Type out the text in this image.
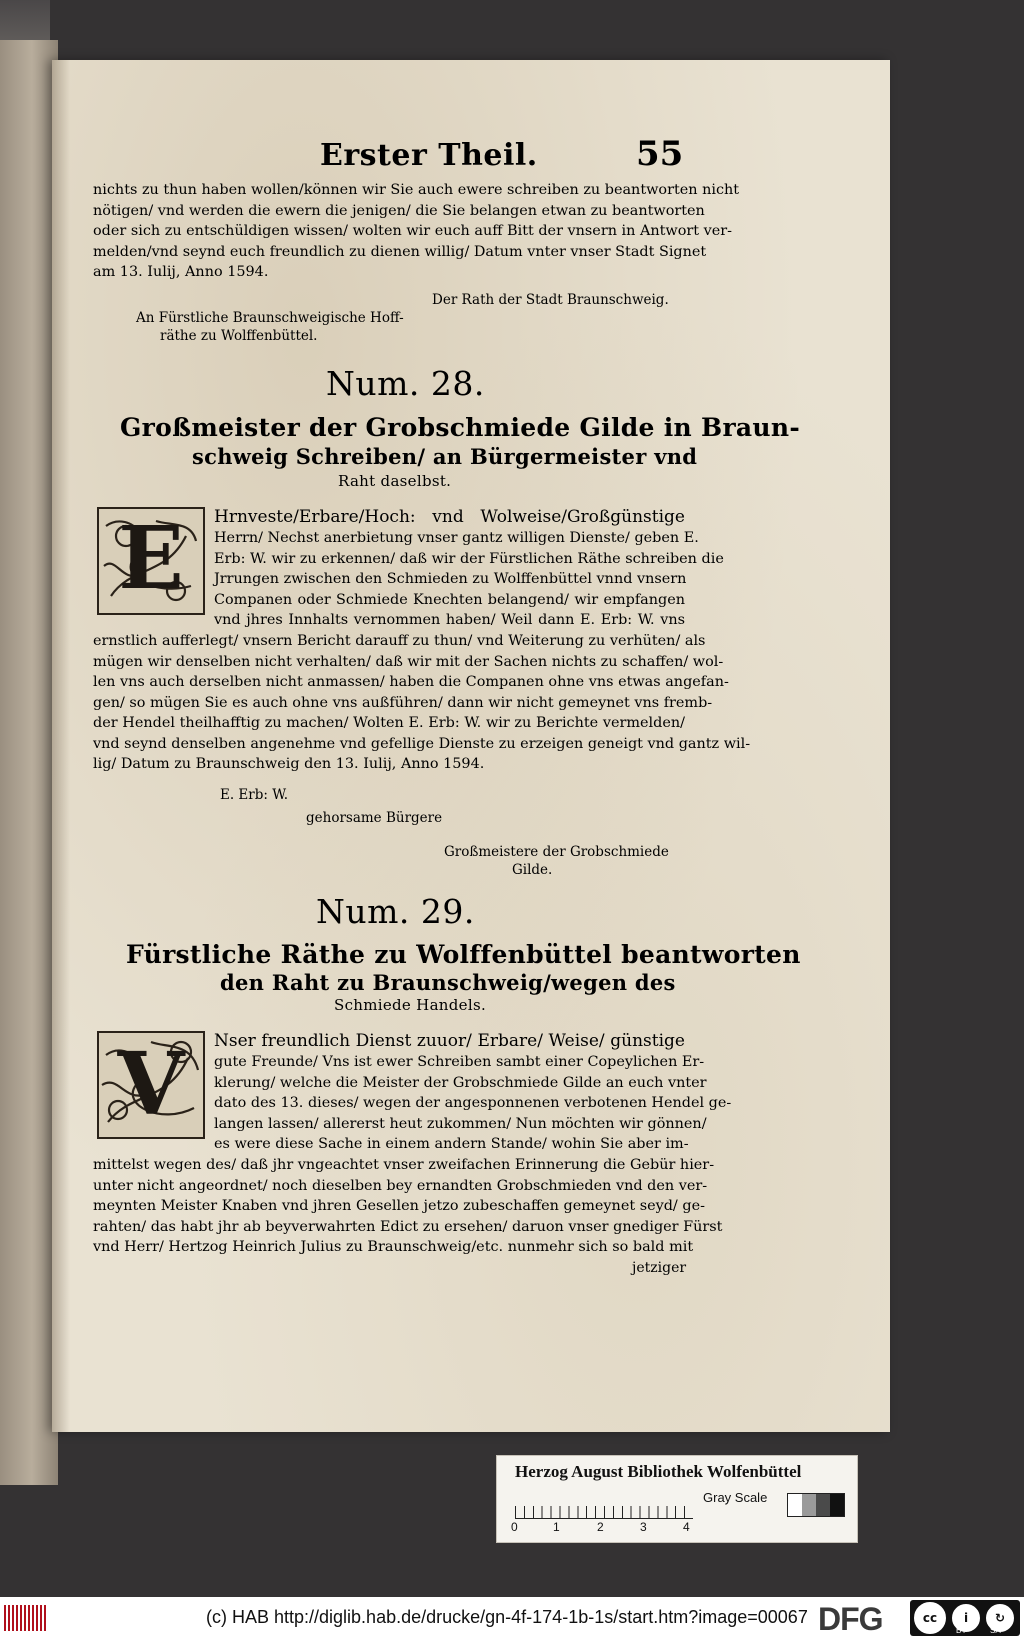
Erster Theil.	55
nichts zu thun haben wollen/können wir Sie auch ewere schreiben zu beantworten nicht
nötigen/ vnd werden die ewern die jenigen/ die Sie belangen etwan zu beantworten
oder sich zu entschüldigen wissen/ wolten wir euch auff Bitt der vnsern in Antwort ver-
melden/vnd seynd euch freundlich zu dienen willig/ Datum vnter vnser Stadt Signet
am 13. Iulij, Anno 1594.
Der Rath der Stadt Braunschweig.
An Fürstliche Braunschweigische Hoff-
räthe zu Wolffenbüttel.
Num. 28.
Großmeister der Grobschmiede Gilde in Braun-
schweig Schreiben/ an Bürgermeister vnd
Raht daselbst.
E Hrnveste/Erbare/Hoch: vnd Wolweise/Großgünstige
Herrn/ Nechst anerbietung vnser gantz willigen Dienste/ geben E.
Erb: W. wir zu erkennen/ daß wir der Fürstlichen Räthe schreiben die
Jrrungen zwischen den Schmieden zu Wolffenbüttel vnnd vnsern
Companen oder Schmiede Knechten belangend/ wir empfangen
vnd jhres Innhalts vernommen haben/ Weil dann E. Erb: W. vns
ernstlich aufferlegt/ vnsern Bericht darauff zu thun/ vnd Weiterung zu verhüten/ als
mügen wir denselben nicht verhalten/ daß wir mit der Sachen nichts zu schaffen/ wol-
len vns auch derselben nicht anmassen/ haben die Companen ohne vns etwas angefan-
gen/ so mügen Sie es auch ohne vns außführen/ dann wir nicht gemeynet vns fremb-
der Hendel theilhafftig zu machen/ Wolten E. Erb: W. wir zu Berichte vermelden/
vnd seynd denselben angenehme vnd gefellige Dienste zu erzeigen geneigt vnd gantz wil-
lig/ Datum zu Braunschweig den 13. Iulij, Anno 1594.
E. Erb: W.
gehorsame Bürgere
Großmeistere der Grobschmiede
Gilde.
Num. 29.
Fürstliche Räthe zu Wolffenbüttel beantworten
den Raht zu Braunschweig/wegen des
Schmiede Handels.
V Nser freundlich Dienst zuuor/ Erbare/ Weise/ günstige
gute Freunde/ Vns ist ewer Schreiben sambt einer Copeylichen Er-
klerung/ welche die Meister der Grobschmiede Gilde an euch vnter
dato des 13. dieses/ wegen der angesponnenen verbotenen Hendel ge-
langen lassen/ allererst heut zukommen/ Nun möchten wir gönnen/
es were diese Sache in einem andern Stande/ wohin Sie aber im-
mittelst wegen des/ daß jhr vngeachtet vnser zweifachen Erinnerung die Gebür hier-
unter nicht angeordnet/ noch dieselben bey ernandten Grobschmieden vnd den ver-
meynten Meister Knaben vnd jhren Gesellen jetzo zubeschaffen gemeynet seyd/ ge-
rahten/ das habt jhr ab beyverwahrten Edict zu ersehen/ daruon vnser gnediger Fürst
vnd Herr/ Hertzog Heinrich Julius zu Braunschweig/etc. nunmehr sich so bald mit
jetziger
Herzog August Bibliothek Wolfenbüttel
0	1	2	3	4
Gray Scale
(c) HAB http://diglib.hab.de/drucke/gn-4f-174-1b-1s/start.htm?image=00067 DFG	cc	i	↻
BY	SA
